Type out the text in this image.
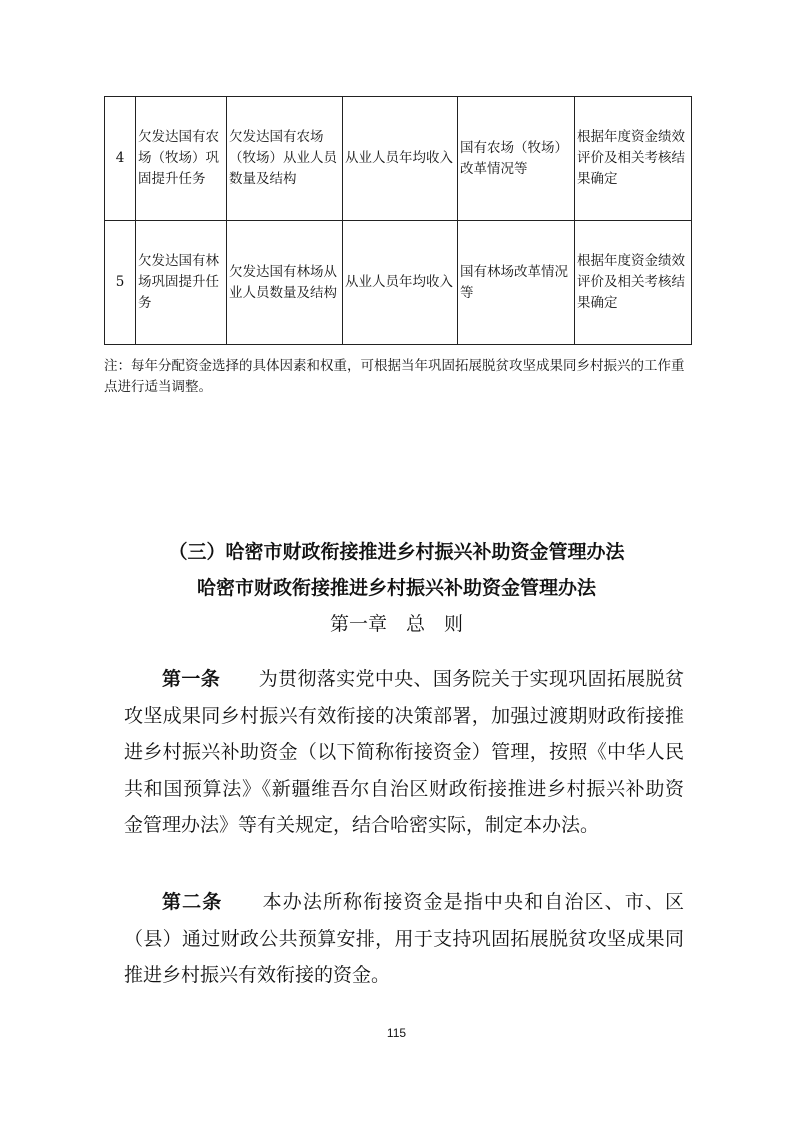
4	欠发达国有农场（牧场）巩固提升任务	欠发达国有农场（牧场）从业人员数量及结构	从业人员年均收入	国有农场（牧场）改革情况等	根据年度资金绩效评价及相关考核结果确定
5	欠发达国有林场巩固提升任务	欠发达国有林场从业人员数量及结构	从业人员年均收入	国有林场改革情况等	根据年度资金绩效评价及相关考核结果确定
注：每年分配资金选择的具体因素和权重，可根据当年巩固拓展脱贫攻坚成果同乡村振兴的工作重点进行适当调整。
（三）哈密市财政衔接推进乡村振兴补助资金管理办法
哈密市财政衔接推进乡村振兴补助资金管理办法
第一章　总　则

第一条　　 为贯彻落实党中央、国务院关于实现巩固拓展脱贫攻坚成果同乡村振兴有效衔接的决策部署，加强过渡期财政衔接推进乡村振兴补助资金（以下简称衔接资金）管理，按照《中华人民共和国预算法》《新疆维吾尔自治区财政衔接推进乡村振兴补助资金管理办法》等有关规定，结合哈密实际，制定本办法。

第二条　　 本办法所称衔接资金是指中央和自治区、市、区（县）通过财政公共预算安排，用于支持巩固拓展脱贫攻坚成果同推进乡村振兴有效衔接的资金。

115
